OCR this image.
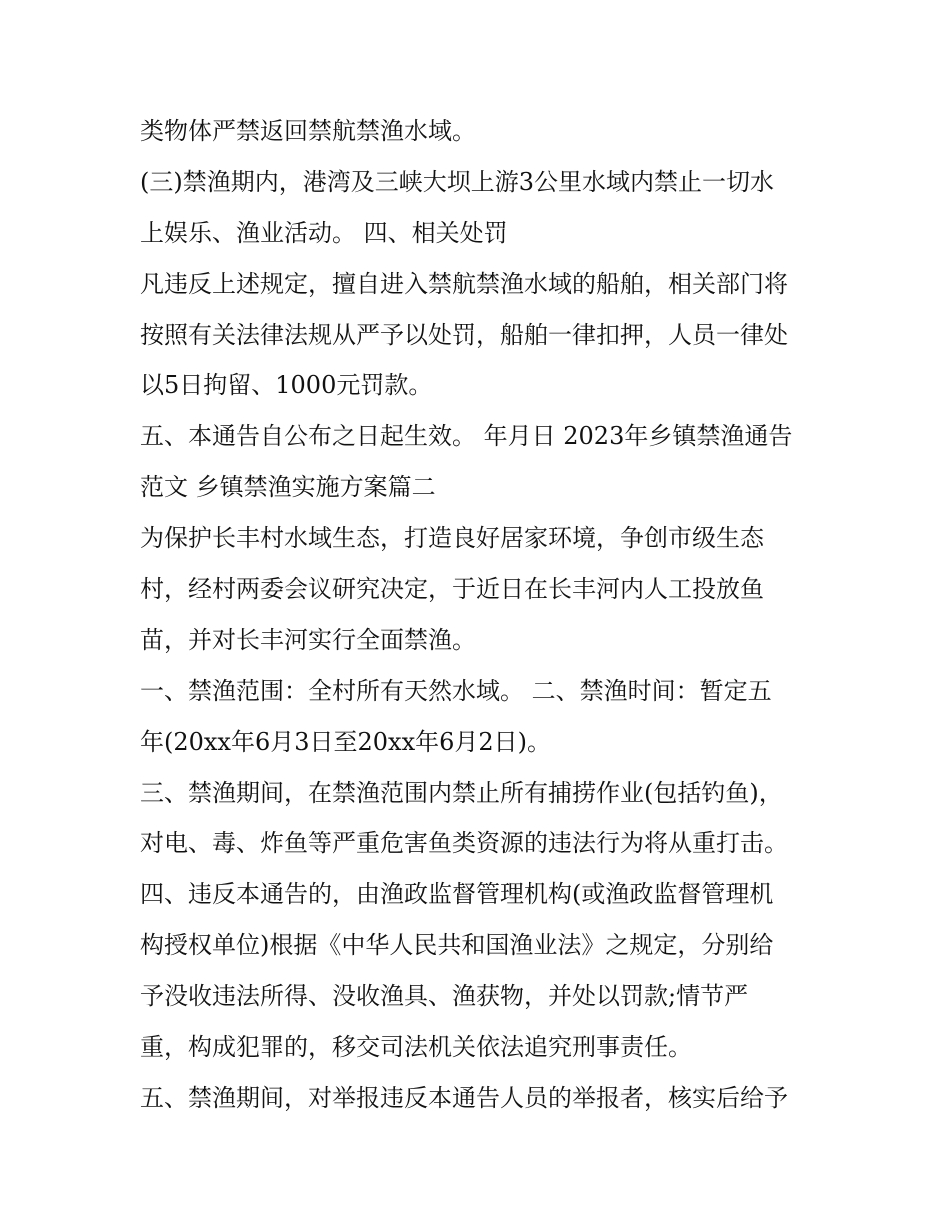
类物体严禁返回禁航禁渔水域。
(三)禁渔期内，港湾及三峡大坝上游3公里水域内禁止一切水
上娱乐、渔业活动。 四、相关处罚
凡违反上述规定，擅自进入禁航禁渔水域的船舶，相关部门将
按照有关法律法规从严予以处罚，船舶一律扣押，人员一律处
以5日拘留、1000元罚款。
五、本通告自公布之日起生效。 年月日 2023年乡镇禁渔通告
范文 乡镇禁渔实施方案篇二
为保护长丰村水域生态，打造良好居家环境，争创市级生态
村，经村两委会议研究决定，于近日在长丰河内人工投放鱼
苗，并对长丰河实行全面禁渔。
一、禁渔范围：全村所有天然水域。 二、禁渔时间：暂定五
年(20xx年6月3日至20xx年6月2日)。
三、禁渔期间，在禁渔范围内禁止所有捕捞作业(包括钓鱼)，
对电、毒、炸鱼等严重危害鱼类资源的违法行为将从重打击。
四、违反本通告的，由渔政监督管理机构(或渔政监督管理机
构授权单位)根据《中华人民共和国渔业法》之规定，分别给
予没收违法所得、没收渔具、渔获物，并处以罚款;情节严
重，构成犯罪的，移交司法机关依法追究刑事责任。
五、禁渔期间，对举报违反本通告人员的举报者，核实后给予
